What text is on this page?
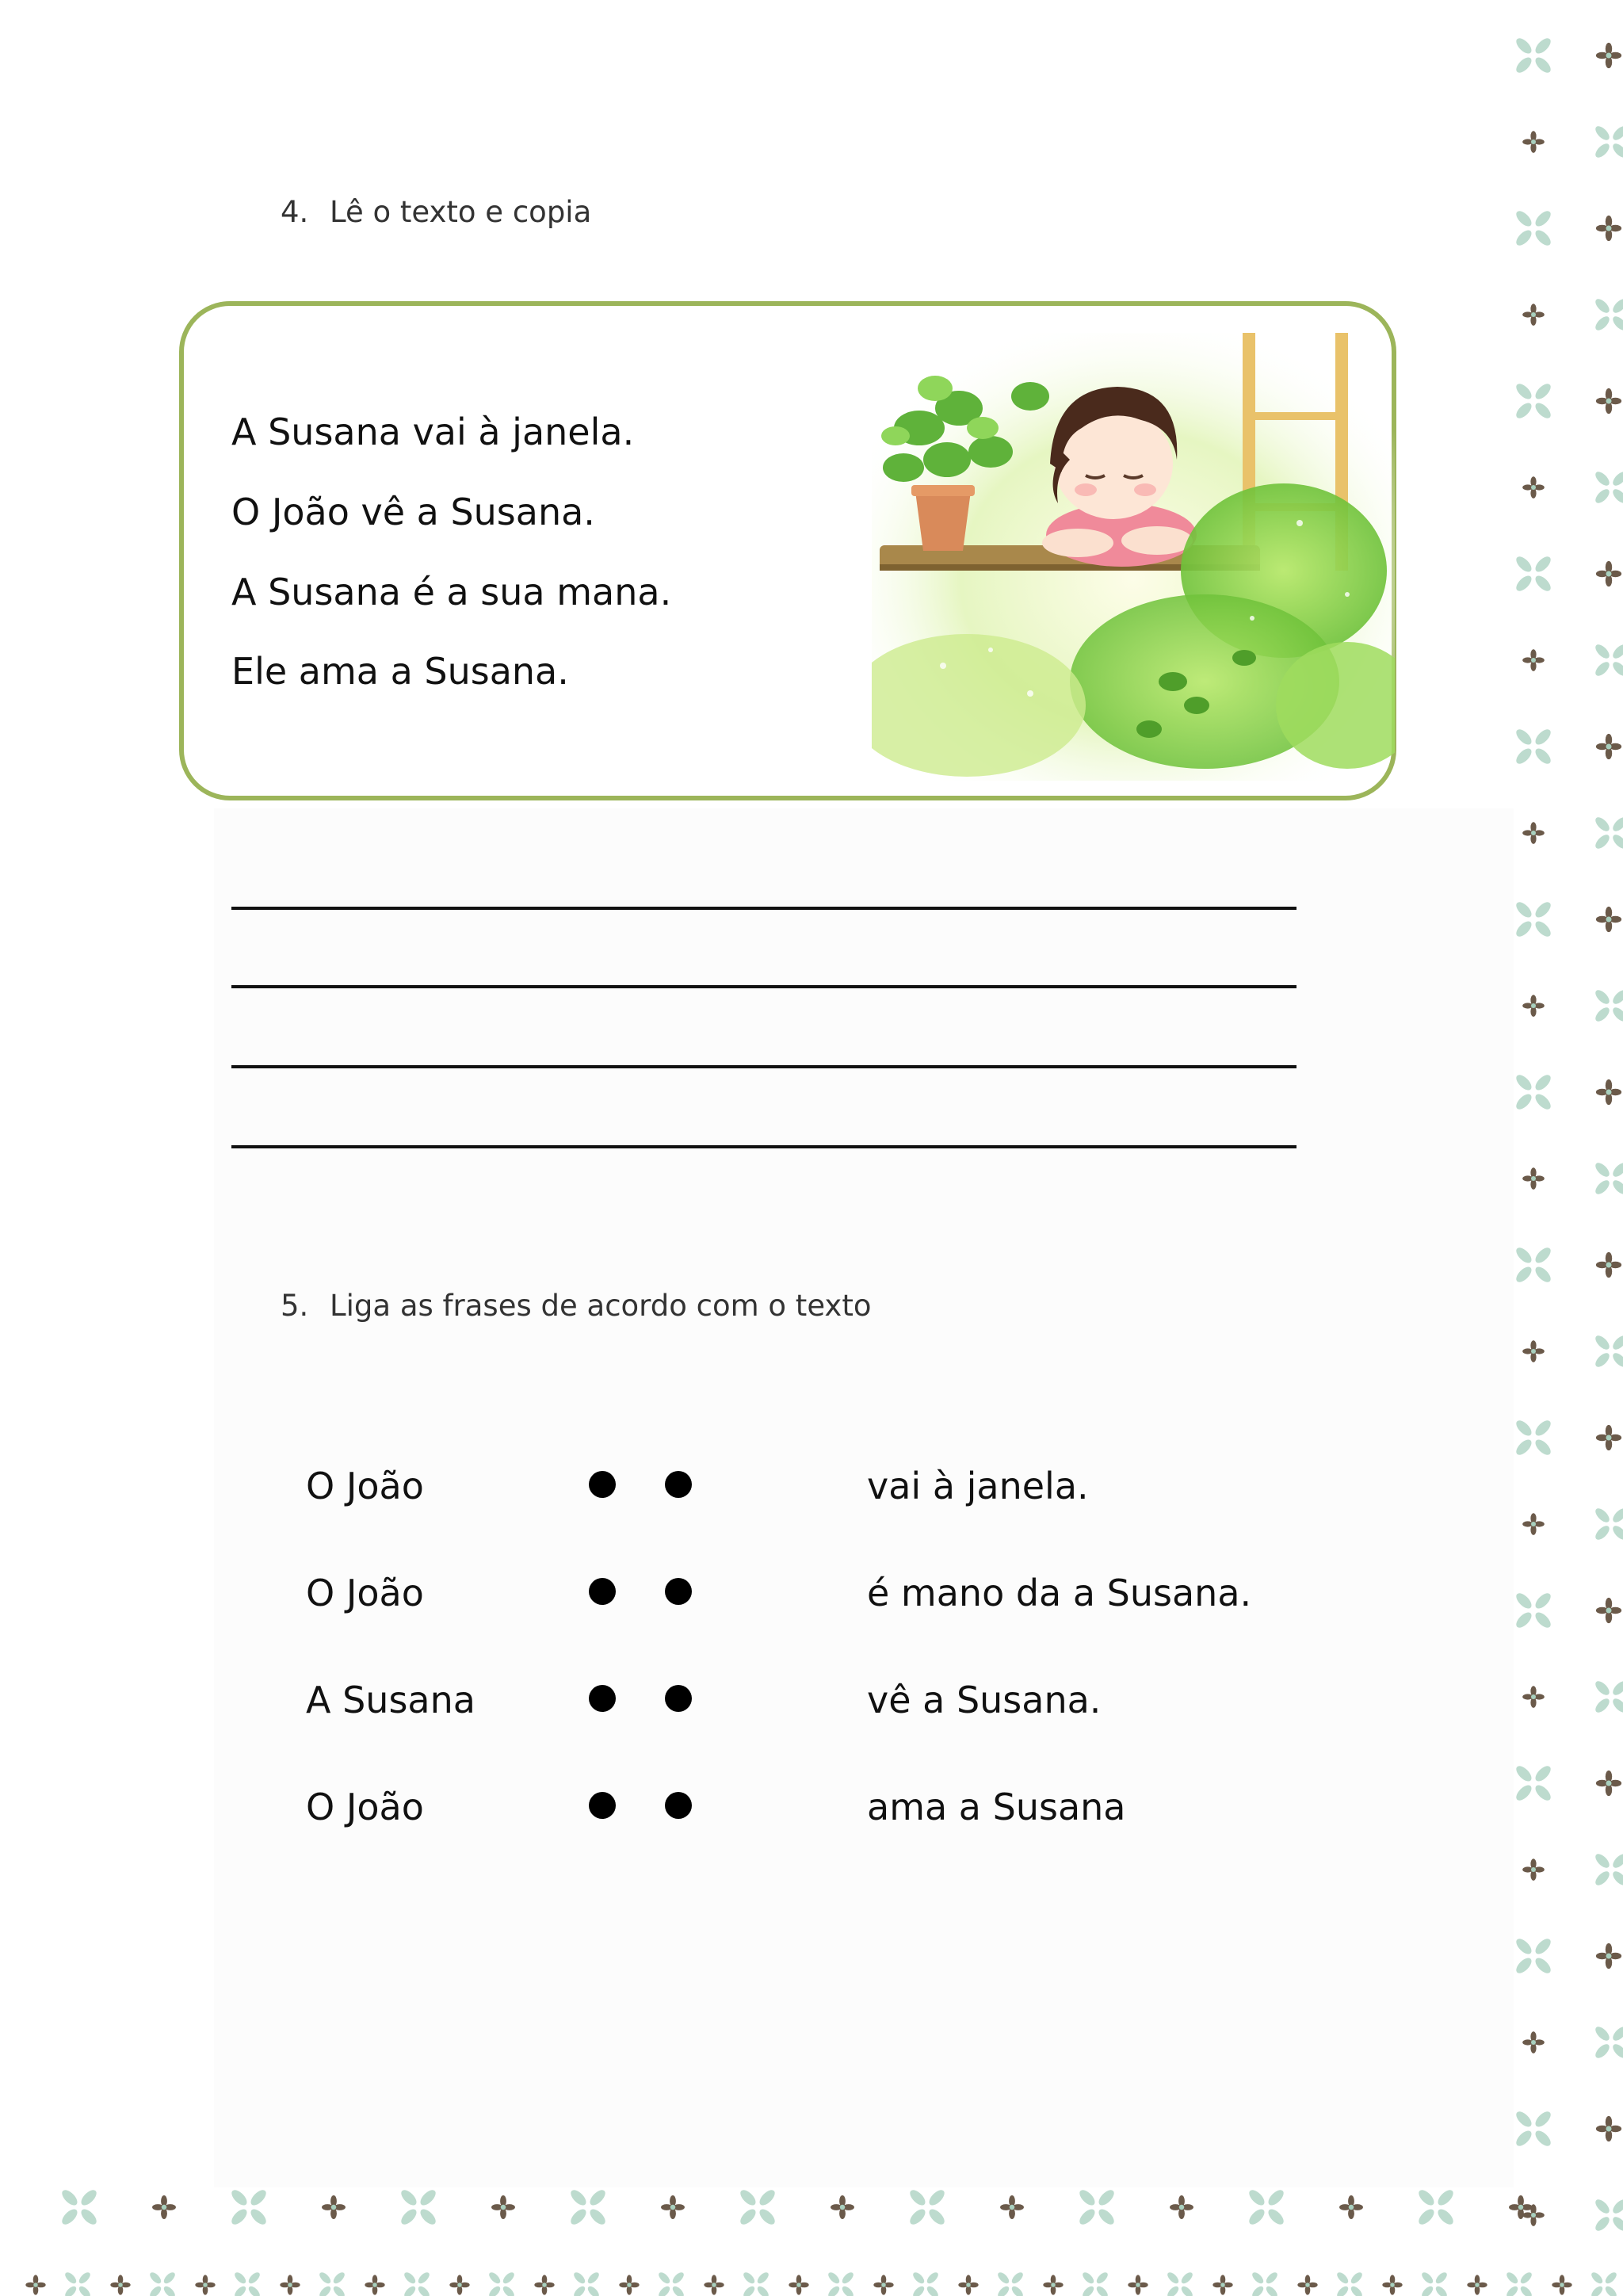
4. Lê o texto e copia
A Susana vai à janela.
O João vê a Susana.
A Susana é a sua mana.
Ele ama a Susana.
5. Liga as frases de acordo com o texto
O João
O João
A Susana
O João
vai à janela.
é mano da a Susana.
vê a Susana.
ama a Susana
